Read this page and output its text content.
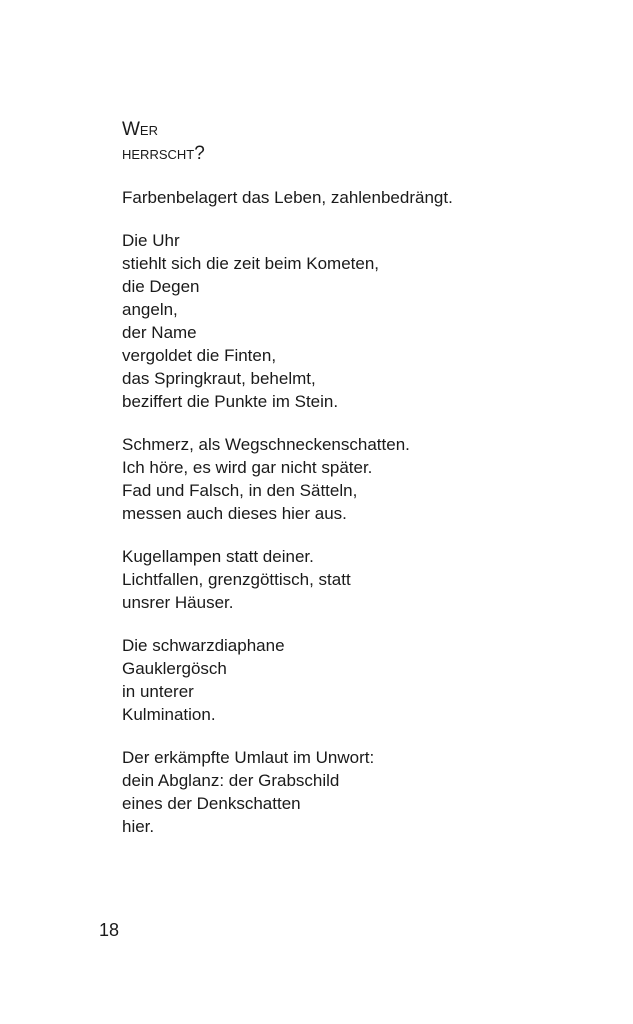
Wer
herrscht?
Farbenbelagert das Leben, zahlenbedrängt.
Die Uhr
stiehlt sich die zeit beim Kometen,
die Degen
angeln,
der Name
vergoldet die Finten,
das Springkraut, behelmt,
beziffert die Punkte im Stein.
Schmerz, als Wegschneckenschatten.
Ich höre, es wird gar nicht später.
Fad und Falsch, in den Sätteln,
messen auch dieses hier aus.
Kugellampen statt deiner.
Lichtfallen, grenzgöttisch, statt
unsrer Häuser.
Die schwarzdiaphane
Gauklergösch
in unterer
Kulmination.
Der erkämpfte Umlaut im Unwort:
dein Abglanz: der Grabschild
eines der Denkschatten
hier.
18
